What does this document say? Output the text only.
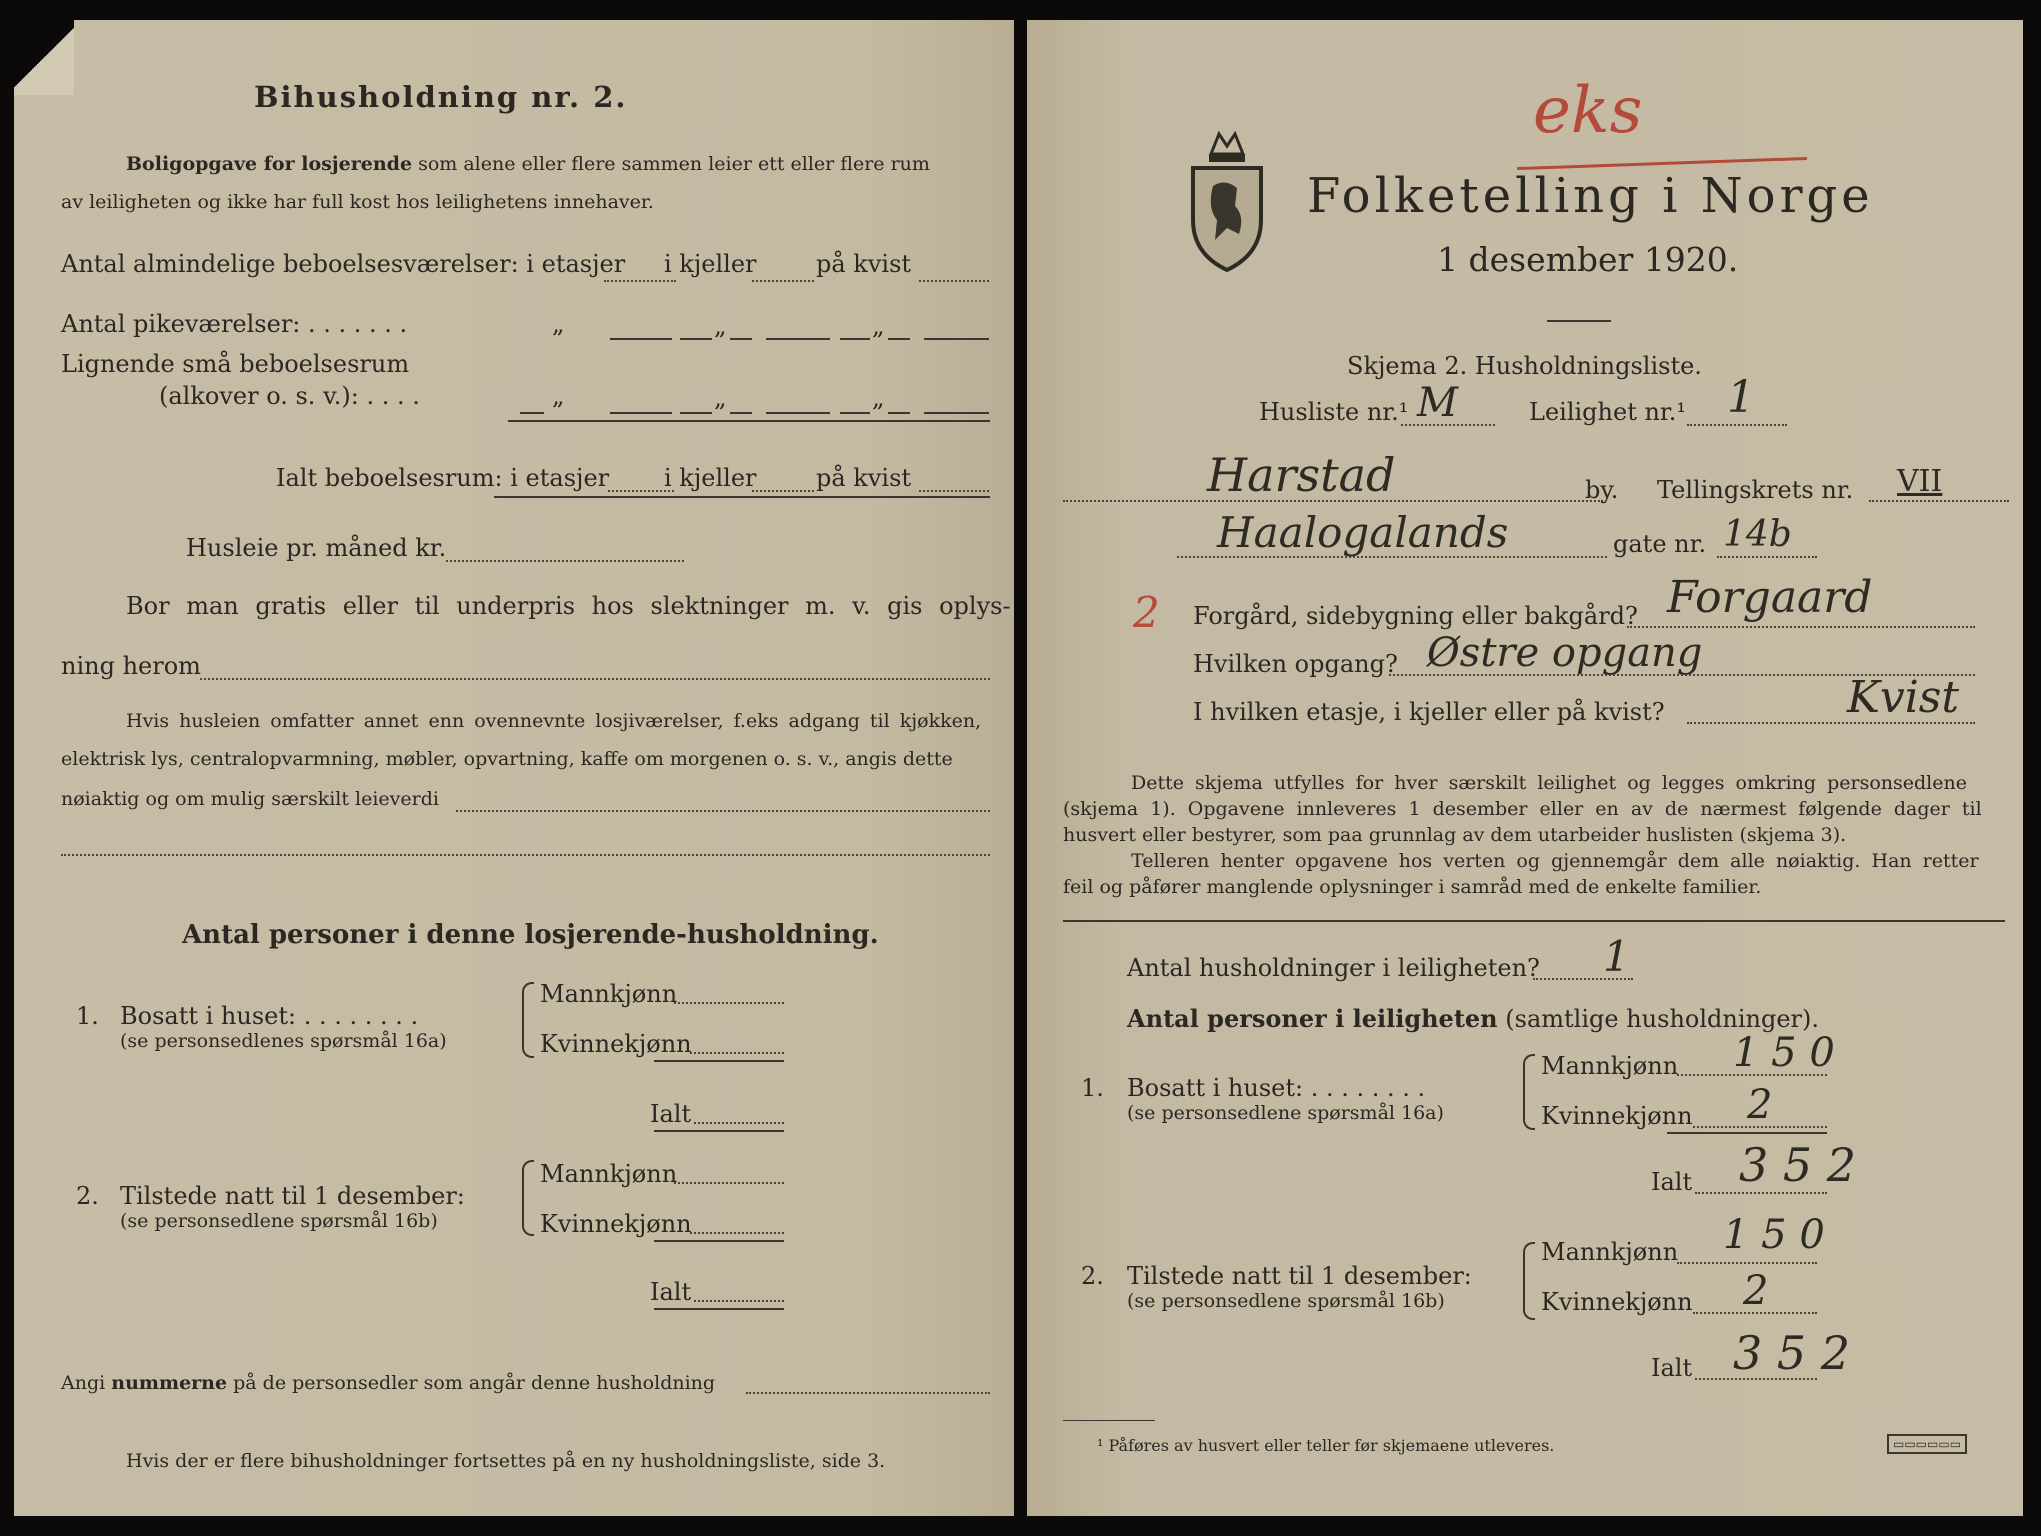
Bihusholdning nr. 2.
Boligopgave for losjerende som alene eller flere sammen leier ett eller flere rum
av leiligheten og ikke har full kost hos leilighetens innehaver.
Antal almindelige beboelsesværelser: i etasjer i kjeller på kvist
Antal pikeværelser: . . . . . . .	„	„	„
Lignende små beboelsesrum
(alkover o. s. v.): . . . .	„	„	„
Ialt beboelsesrum: i etasjer i kjeller på kvist
Husleie pr. måned kr.
Bor man gratis eller til underpris hos slektninger m. v. gis oplys-
ning herom
Hvis husleien omfatter annet enn ovennevnte losjiværelser, f.eks adgang til kjøkken,
elektrisk lys, centralopvarmning, møbler, opvartning, kaffe om morgenen o. s. v., angis dette
nøiaktig og om mulig særskilt leieverdi
Antal personer i denne losjerende-husholdning.
1. Bosatt i huset: . . . . . . . .
(se personsedlenes spørsmål 16a)
Mannkjønn
Kvinnekjønn
Ialt
2. Tilstede natt til 1 desember:
(se personsedlene spørsmål 16b)
Mannkjønn
Kvinnekjønn
Ialt
Angi nummerne på de personsedler som angår denne husholdning
Hvis der er flere bihusholdninger fortsettes på en ny husholdningsliste, side 3.
eks
Folketelling i Norge
1 desember 1920.
Skjema 2. Husholdningsliste.
Husliste nr.¹ M	Leilighet nr.¹ 1
Harstad	by. Tellingskrets nr. VII
Haalogalands	gate nr. 14b
2 Forgård, sidebygning eller bakgård? Forgaard
Hvilken opgang? Østre opgang
I hvilken etasje, i kjeller eller på kvist?	Kvist
Dette skjema utfylles for hver særskilt leilighet og legges omkring personsedlene
(skjema 1). Opgavene innleveres 1 desember eller en av de nærmest følgende dager til
husvert eller bestyrer, som paa grunnlag av dem utarbeider huslisten (skjema 3).
Telleren henter opgavene hos verten og gjennemgår dem alle nøiaktig. Han retter
feil og påfører manglende oplysninger i samråd med de enkelte familier.
Antal husholdninger i leiligheten? 1
Antal personer i leiligheten (samtlige husholdninger).
1. Bosatt i huset: . . . . . . . .
(se personsedlene spørsmål 16a)
Mannkjønn 1 5 0
Kvinnekjønn 2
Ialt 3 5 2
2. Tilstede natt til 1 desember:
(se personsedlene spørsmål 16b)
Mannkjønn 1 5 0
Kvinnekjønn 2
Ialt 3 5 2
¹ Påføres av husvert eller teller før skjemaene utleveres.	▭▭▭▭▭▭
